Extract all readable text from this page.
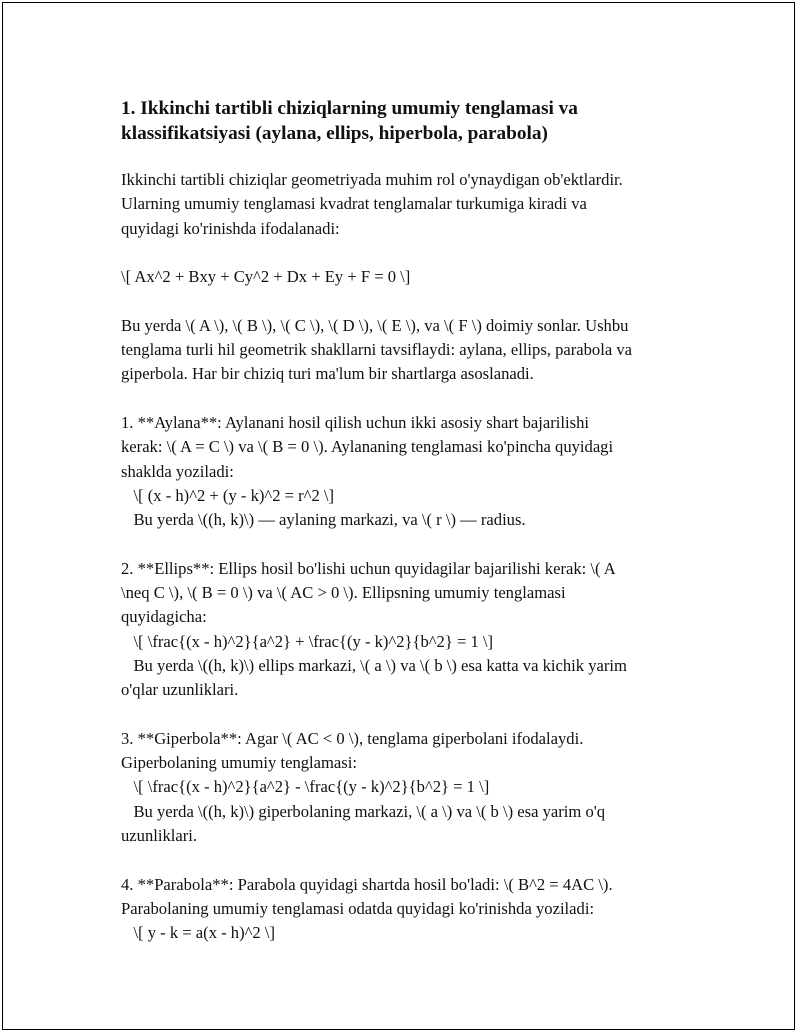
1. Ikkinchi tartibli chiziqlarning umumiy tenglamasi va
klassifikatsiyasi (aylana, ellips, hiperbola, parabola)
Ikkinchi tartibli chiziqlar geometriyada muhim rol o'ynaydigan ob'ektlardir.
Ularning umumiy tenglamasi kvadrat tenglamalar turkumiga kiradi va
quyidagi ko'rinishda ifodalanadi:
\[ Ax^2 + Bxy + Cy^2 + Dx + Ey + F = 0 \]
Bu yerda \( A \), \( B \), \( C \), \( D \), \( E \), va \( F \) doimiy sonlar. Ushbu
tenglama turli hil geometrik shakllarni tavsiflaydi: aylana, ellips, parabola va
giperbola. Har bir chiziq turi ma'lum bir shartlarga asoslanadi.
1. **Aylana**: Aylanani hosil qilish uchun ikki asosiy shart bajarilishi
kerak: \( A = C \) va \( B = 0 \). Aylananing tenglamasi ko'pincha quyidagi
shaklda yoziladi:
\[ (x - h)^2 + (y - k)^2 = r^2 \]
Bu yerda \((h, k)\) — aylaning markazi, va \( r \) — radius.
2. **Ellips**: Ellips hosil bo'lishi uchun quyidagilar bajarilishi kerak: \( A
\neq C \), \( B = 0 \) va \( AC > 0 \). Ellipsning umumiy tenglamasi
quyidagicha:
\[ \frac{(x - h)^2}{a^2} + \frac{(y - k)^2}{b^2} = 1 \]
Bu yerda \((h, k)\) ellips markazi, \( a \) va \( b \) esa katta va kichik yarim
o'qlar uzunliklari.
3. **Giperbola**: Agar \( AC < 0 \), tenglama giperbolani ifodalaydi.
Giperbolaning umumiy tenglamasi:
\[ \frac{(x - h)^2}{a^2} - \frac{(y - k)^2}{b^2} = 1 \]
Bu yerda \((h, k)\) giperbolaning markazi, \( a \) va \( b \) esa yarim o'q
uzunliklari.
4. **Parabola**: Parabola quyidagi shartda hosil bo'ladi: \( B^2 = 4AC \).
Parabolaning umumiy tenglamasi odatda quyidagi ko'rinishda yoziladi:
\[ y - k = a(x - h)^2 \]
